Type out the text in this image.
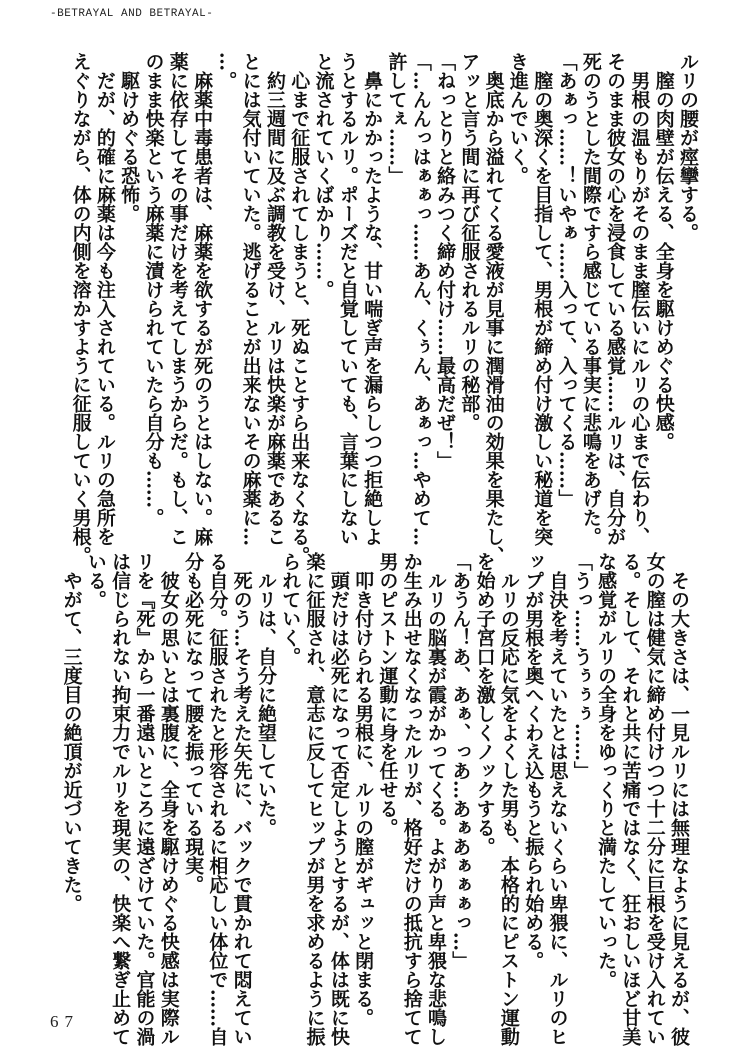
-BETRAYAL AND BETRAYAL-
ルリの腰が痙攣する。
　膣の肉壁が伝える、全身を駆けめぐる快感。
　男根の温もりがそのまま膣伝いにルリの心まで伝わり、
そのまま彼女の心を浸食している感覚……ルリは、自分が
死のうとした間際ですら感じている事実に悲鳴をあげた。
「あぁっ……！いやぁ……入って、入ってくる……」
　膣の奥深くを目指して、男根が締め付け激しい秘道を突
き進んでいく。
　奥底から溢れてくる愛液が見事に潤滑油の効果を果たし、
アッと言う間に再び征服されるルリの秘部。
「ねっとりと絡みつく締め付け……最高だぜ！」
「…んんっはぁぁっ……あん、くぅん、あぁっ…やめて…
許してぇ……」
　鼻にかかったような、甘い喘ぎ声を漏らしつつ拒絶しよ
うとするルリ。ポーズだと自覚していても、言葉にしない
と流されていくばかり……。
　心まで征服されてしまうと、死ぬことすら出来なくなる。
　約三週間に及ぶ調教を受け、ルリは快楽が麻薬であるこ
とには気付いていた。逃げることが出来ないその麻薬に…
…。
　麻薬中毒患者は、麻薬を欲するが死のうとはしない。麻
薬に依存してその事だけを考えてしまうからだ。もし、こ
のまま快楽という麻薬に漬けられていたら自分も……。
　駆けめぐる恐怖。
　だが、的確に麻薬は今も注入されている。ルリの急所を
えぐりながら、体の内側を溶かすように征服していく男根。
　その大きさは、一見ルリには無理なように見えるが、彼
女の膣は健気に締め付けつつ十二分に巨根を受け入れてい
る。そして、それと共に苦痛ではなく、狂おしいほど甘美
な感覚がルリの全身をゆっくりと満たしていった。
「うっ……うぅぅぅ……」
　自決を考えていたとは思えないくらい卑猥に、ルリのヒ
ップが男根を奥へくわえ込もうと振られ始める。
　ルリの反応に気をよくした男も、本格的にピストン運動
を始め子宮口を激しくノックする。
「あうん！あ、あぁ、っあ…あぁあぁぁぁっ…」
　ルリの脳裏が霞がかってくる。よがり声と卑猥な悲鳴し
か生み出せなくなったルリが、格好だけの抵抗すら捨てて
男のピストン運動に身を任せる。
　叩き付けられる男根に、ルリの膣がギュッと閉まる。
　頭だけは必死になって否定しようとするが、体は既に快
楽に征服され、意志に反してヒップが男を求めるように振
られていく。
　ルリは、自分に絶望していた。
　死のう…そう考えた矢先に、バックで貫かれて悶えてい
る自分。征服されたと形容されるに相応しい体位で……自
分も必死になって腰を振っている現実。
　彼女の思いとは裏腹に、全身を駆けめぐる快感は実際ル
リを『死』から一番遠いところに遠ざけていた。官能の渦
は信じられない拘束力でルリを現実の、快楽へ繋ぎ止めて
いる。
　やがて、三度目の絶頂が近づいてきた。
67
